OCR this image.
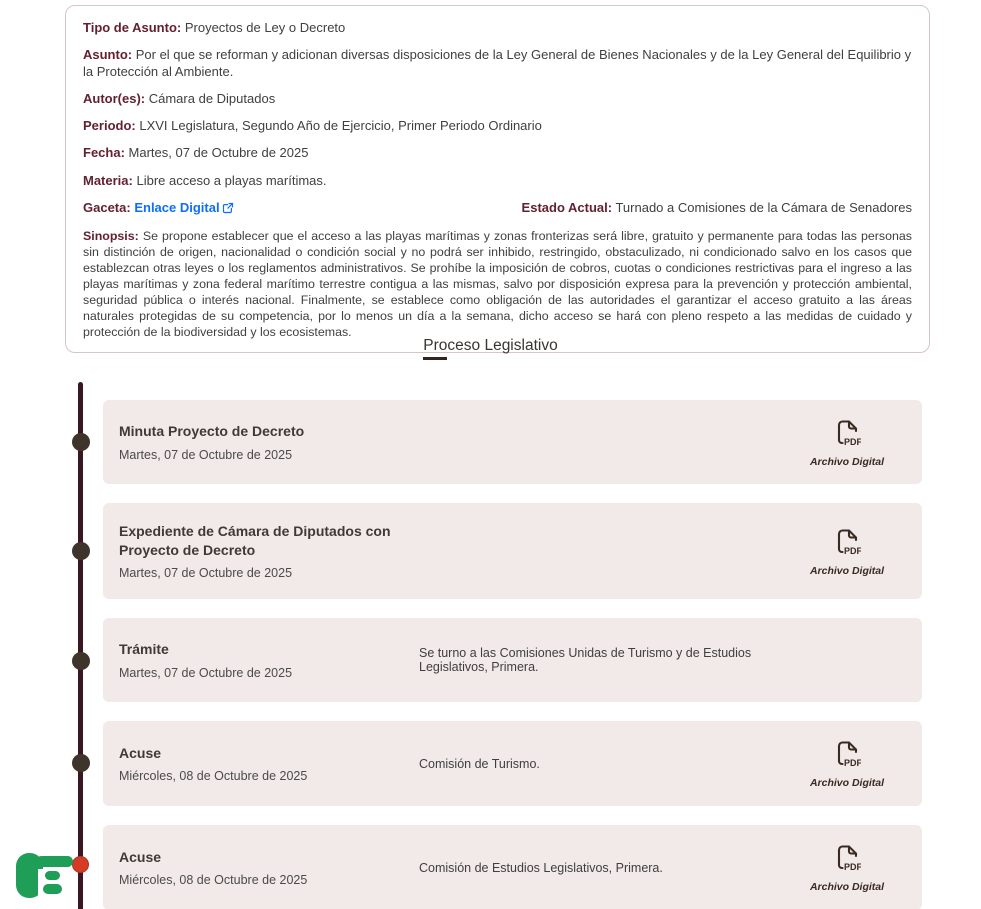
Tipo de Asunto: Proyectos de Ley o Decreto

Asunto: Por el que se reforman y adicionan diversas disposiciones de la Ley General de Bienes Nacionales y de la Ley General del Equilibrio y la Protección al Ambiente.

Autor(es): Cámara de Diputados

Periodo: LXVI Legislatura, Segundo Año de Ejercicio, Primer Periodo Ordinario

Fecha: Martes, 07 de Octubre de 2025

Materia: Libre acceso a playas marítimas.

Gaceta: Enlace Digital	Estado Actual: Turnado a Comisiones de la Cámara de Senadores

Sinopsis: Se propone establecer que el acceso a las playas marítimas y zonas fronterizas será libre, gratuito y permanente para todas las personas sin distinción de origen, nacionalidad o condición social y no podrá ser inhibido, restringido, obstaculizado, ni condicionado salvo en los casos que establezcan otras leyes o los reglamentos administrativos. Se prohíbe la imposición de cobros, cuotas o condiciones restrictivas para el ingreso a las playas marítimas y zona federal marítimo terrestre contigua a las mismas, salvo por disposición expresa para la prevención y protección ambiental, seguridad pública o interés nacional. Finalmente, se establece como obligación de las autoridades el garantizar el acceso gratuito a las áreas naturales protegidas de su competencia, por lo menos un día a la semana, dicho acceso se hará con pleno respeto a las medidas de cuidado y protección de la biodiversidad y los ecosistemas.

Proceso Legislativo
Minuta Proyecto de Decreto
Martes, 07 de Octubre de 2025
PDF
Archivo Digital
Expediente de Cámara de Diputados con Proyecto de Decreto
Martes, 07 de Octubre de 2025
PDF
Archivo Digital
Trámite
Martes, 07 de Octubre de 2025
Se turno a las Comisiones Unidas de Turismo y de Estudios Legislativos, Primera.
Acuse
Miércoles, 08 de Octubre de 2025
Comisión de Turismo.	PDF
Archivo Digital
Acuse
Miércoles, 08 de Octubre de 2025
Comisión de Estudios Legislativos, Primera.	PDF
Archivo Digital
